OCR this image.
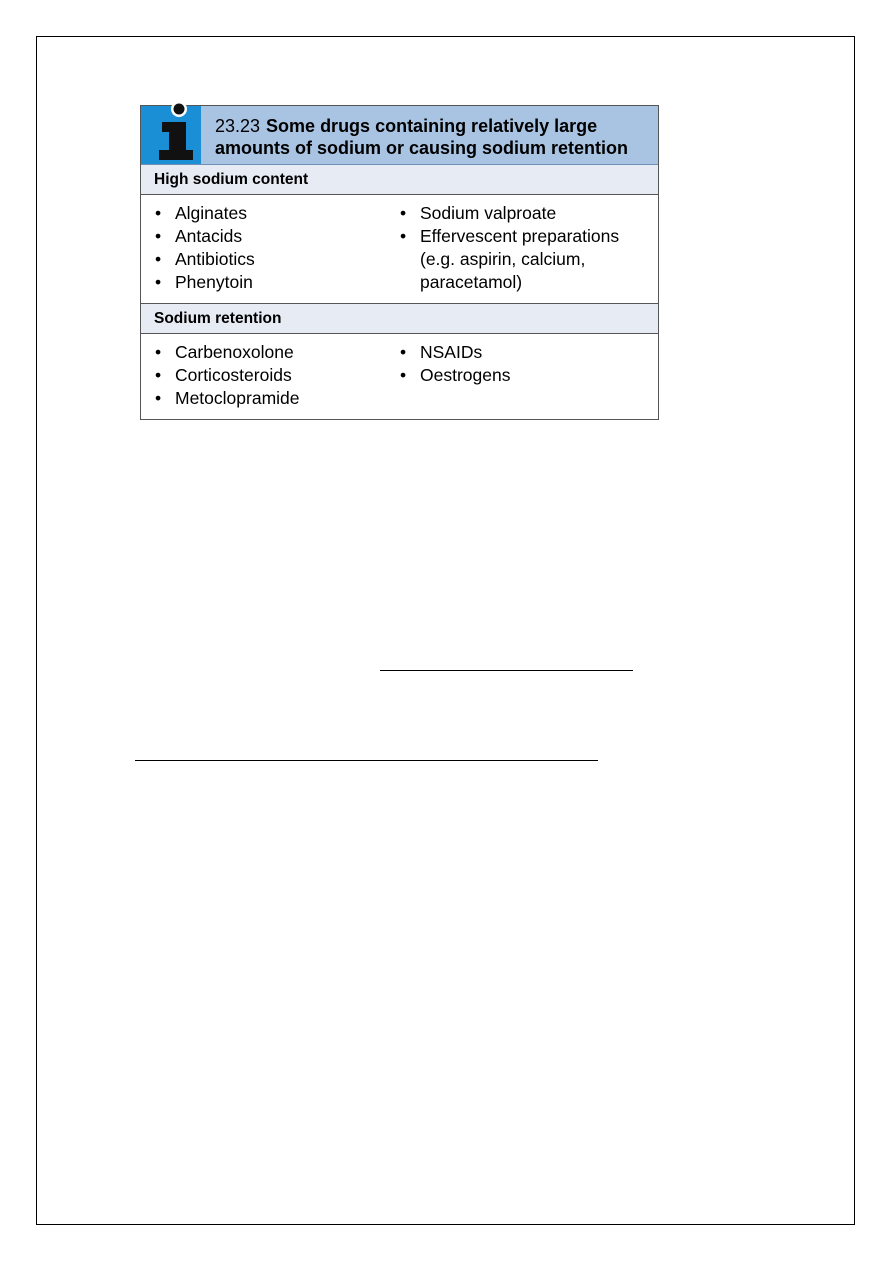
23.23 Some drugs containing relatively large
amounts of sodium or causing sodium retention
High sodium content
• Alginates
• Antacids
• Antibiotics
• Phenytoin
• Sodium valproate
• Effervescent preparations (e.g. aspirin, calcium, paracetamol)
Sodium retention
• Carbenoxolone
• Corticosteroids
• Metoclopramide
• NSAIDs
• Oestrogens
